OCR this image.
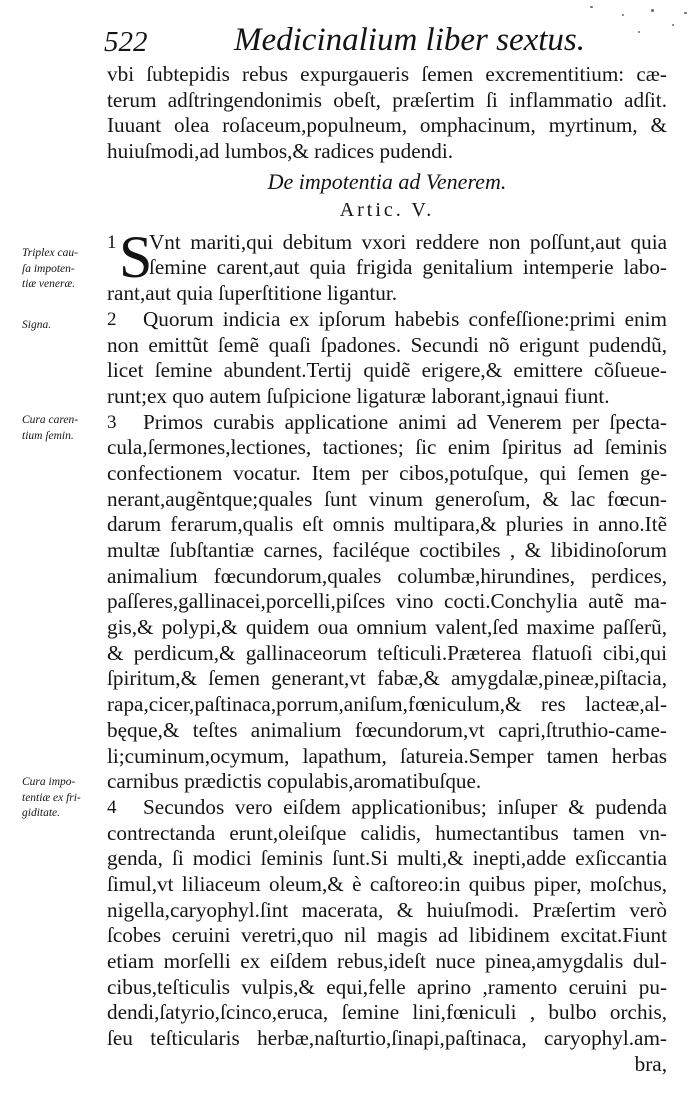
522	Medicinalium liber sextus.
Triplex cau-
ſa impoten-
tiæ veneræ.
Signa.
Cura caren-
tium ſemin.
Cura impo-
tentiæ ex fri-
giditate.
vbi ſubtepidis rebus expurgaueris ſemen excrementitium: cæ-
terum adſtringendonimis obeſt, præſertim ſi inflammatio adſit.
Iuuant olea roſaceum,populneum, omphacinum, myrtinum, &
huiuſmodi,ad lumbos,& radices pudendi.
De impotentia ad Venerem.
Artic. V.
1 S
Vnt mariti,qui debitum vxori reddere non poſſunt,aut quia
ſemine carent,aut quia frigida genitalium intemperie labo-
rant,aut quia ſuperſtitione ligantur.
2	Quorum indicia ex ipſorum habebis confeſſione:primi enim
non emittũt ſemẽ quaſi ſpadones. Secundi nõ erigunt pudendũ,
licet ſemine abundent.Tertij quidẽ erigere,& emittere cõſueue-
runt;ex quo autem ſuſpicione ligaturæ laborant,ignaui fiunt.
3	Primos curabis applicatione animi ad Venerem per ſpecta-
cula,ſermones,lectiones, tactiones; ſic enim ſpiritus ad ſeminis
confectionem vocatur. Item per cibos,potuſque, qui ſemen ge-
nerant,augẽntque;quales ſunt vinum generoſum, & lac fœcun-
darum ferarum,qualis eſt omnis multipara,& pluries in anno.Itẽ
multæ ſubſtantiæ carnes, faciléque coctibiles , & libidinoſorum
animalium fœcundorum,quales columbæ,hirundines, perdices,
paſſeres,gallinacei,porcelli,piſces vino cocti.Conchylia autẽ ma-
gis,& polypi,& quidem oua omnium valent,ſed maxime paſſerũ,
& perdicum,& gallinaceorum teſticuli.Præterea flatuoſi cibi,qui
ſpiritum,& ſemen generant,vt fabæ,& amygdalæ,pineæ,piſtacia,
rapa,cicer,paſtinaca,porrum,aniſum,fœniculum,& res lacteæ,al-
bęque,& teſtes animalium fœcundorum,vt capri,ſtruthio-came-
li;cuminum,ocymum, lapathum, ſatureia.Semper tamen herbas
carnibus prædictis copulabis,aromatibuſque.
4	Secundos vero eiſdem applicationibus; inſuper & pudenda
contrectanda erunt,oleiſque calidis, humectantibus tamen vn-
genda, ſi modici ſeminis ſunt.Si multi,& inepti,adde exſiccantia
ſimul,vt liliaceum oleum,& è caſtoreo:in quibus piper, moſchus,
nigella,caryophyl.ſint macerata, & huiuſmodi. Præſertim verò
ſcobes ceruini veretri,quo nil magis ad libidinem excitat.Fiunt
etiam morſelli ex eiſdem rebus,ideſt nuce pinea,amygdalis dul-
cibus,teſticulis vulpis,& equi,felle aprino ,ramento ceruini pu-
dendi,ſatyrio,ſcinco,eruca, ſemine lini,fœniculi , bulbo orchis,
ſeu teſticularis herbæ,naſturtio,ſinapi,paſtinaca, caryophyl.am-
bra,
